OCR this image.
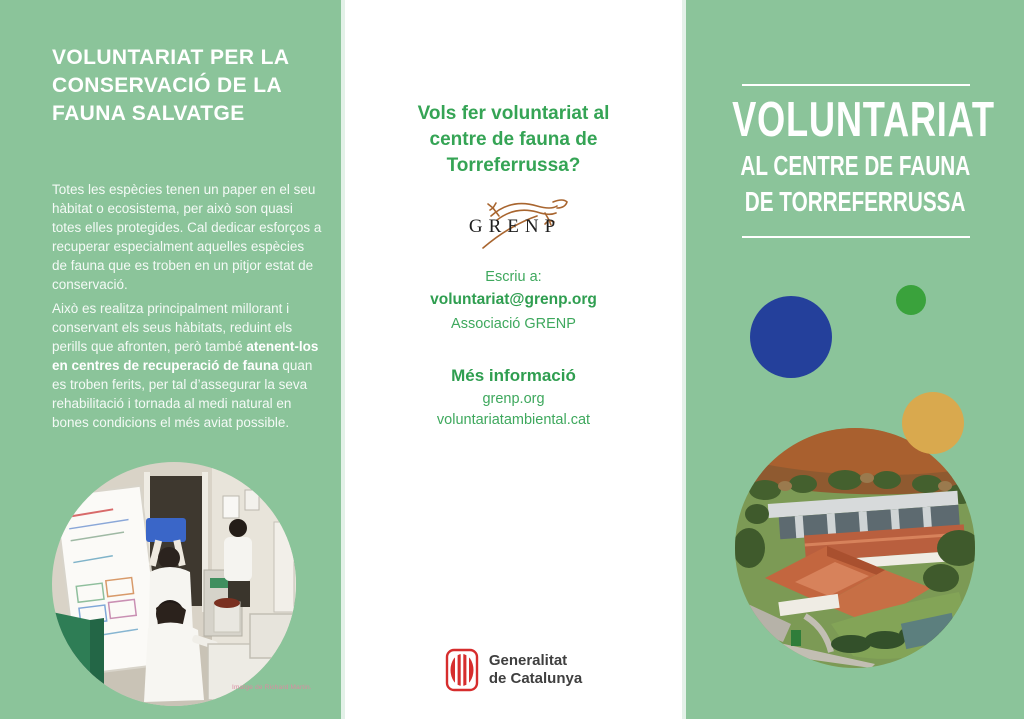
VOLUNTARIAT PER LA
CONSERVACIÓ DE LA
FAUNA SALVATGE

Totes les espècies tenen un paper en el seu hàbitat o ecosistema, per això son quasi totes elles protegides. Cal dedicar esforços a recuperar especialment aquelles espècies de fauna que es troben en un pitjor estat de conservació.

Això es realitza principalment millorant i conservant els seus hàbitats, reduint els perills que afronten, però també atenent-los en centres de recuperació de fauna quan es troben ferits, per tal d’assegurar la seva rehabilitació i tornada al medi natural en bones condicions el més aviat possible.

Imatge de Richard Martin.
Vols fer voluntariat al
centre de fauna de
Torreferrussa?
GRENP
Escriu a:
voluntariat@grenp.org
Associació GRENP
Més informació
grenp.org
voluntariatambiental.cat
Generalitat
de Catalunya
VOLUNTARIAT
AL CENTRE DE FAUNA
DE TORREFERRUSSA
